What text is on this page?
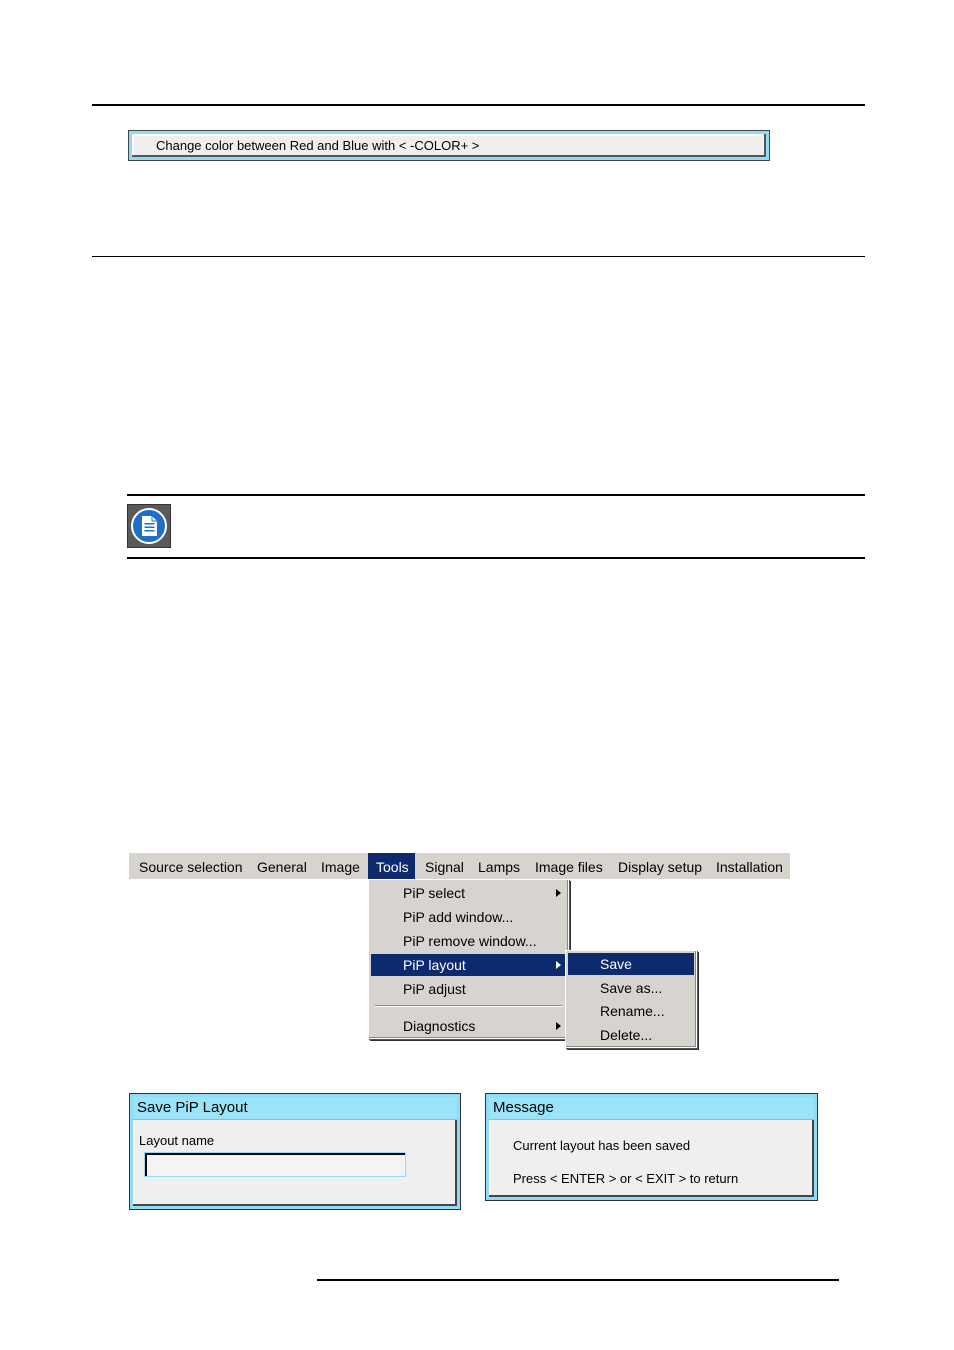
Change color between Red and Blue with < -COLOR+ >
Source selection General Image	Tools	Signal Lamps Image files Display setup Installation
PiP select
PiP add window...
PiP remove window...
PiP layout
PiP adjust
Diagnostics
Save
Save as...
Rename...
Delete...
Save PiP Layout
Layout name
Message
Current layout has been saved
Press < ENTER > or < EXIT > to return
